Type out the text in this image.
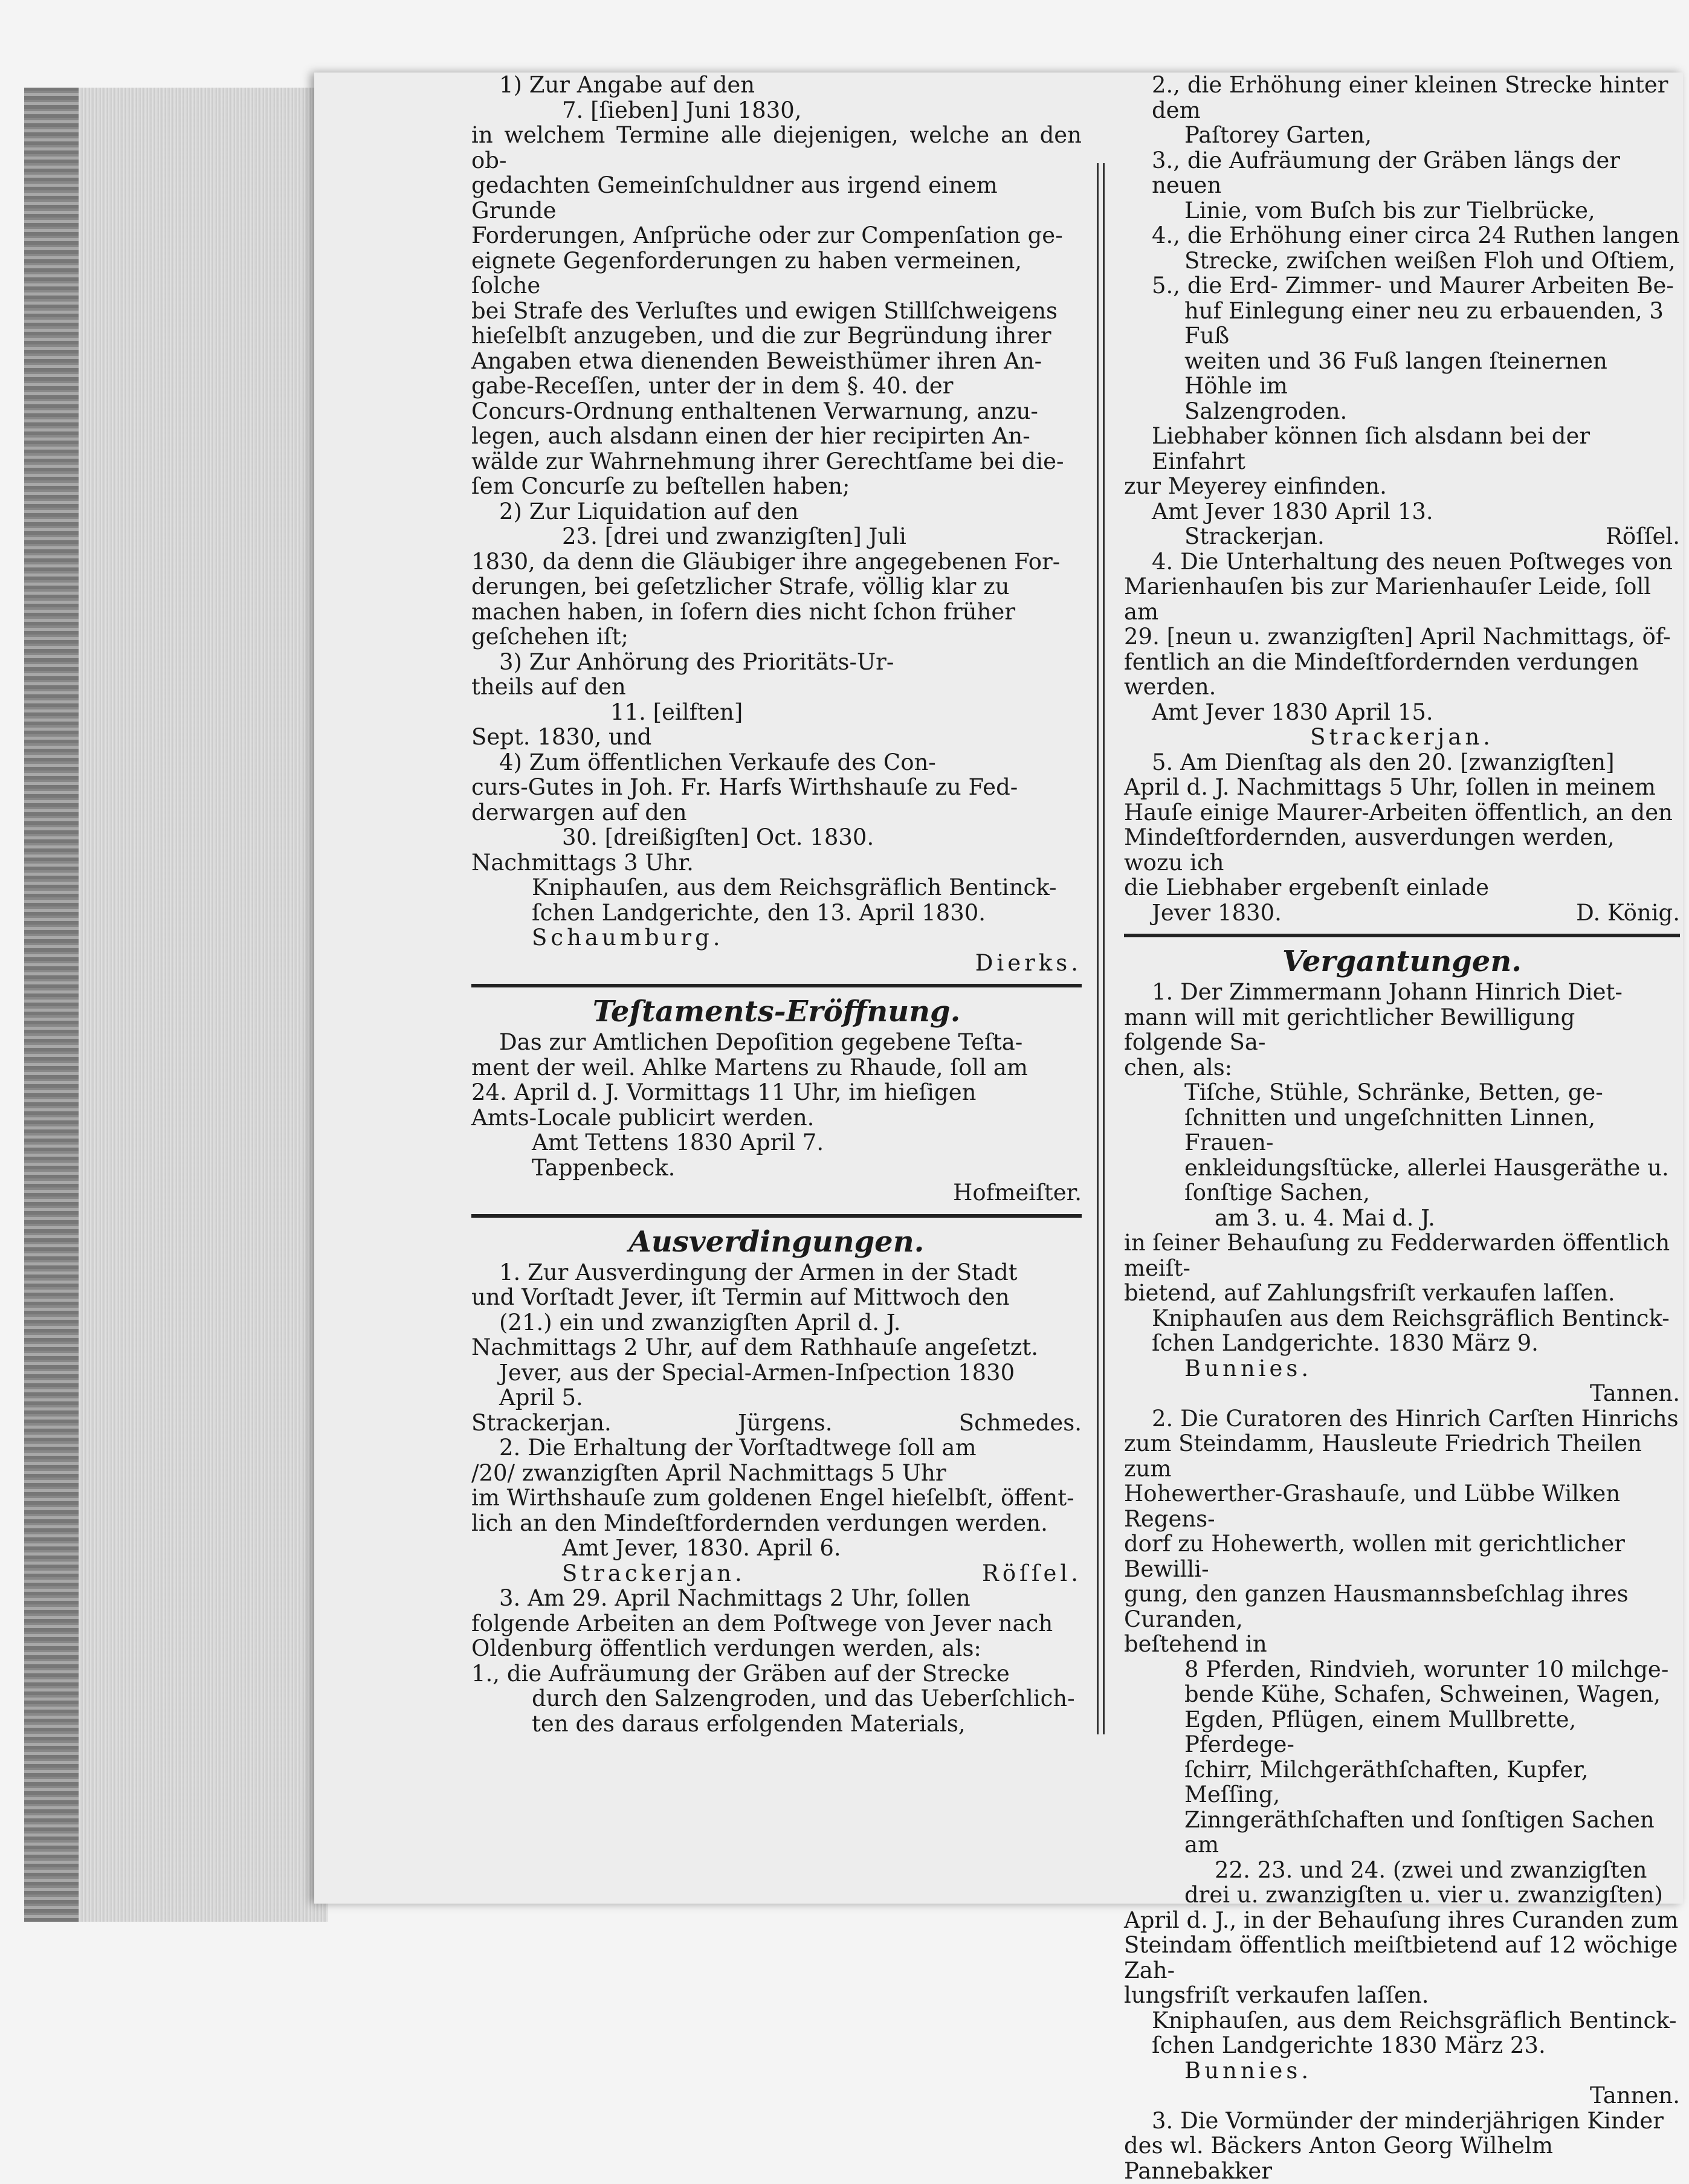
1) Zur Angabe auf den

7. [ſieben] Juni 1830,

in welchem Termine alle diejenigen, welche an den ob-

gedachten Gemeinſchuldner aus irgend einem Grunde

Forderungen, Anſprüche oder zur Compenſation ge-

eignete Gegenforderungen zu haben vermeinen, ſolche

bei Strafe des Verluſtes und ewigen Stillſchweigens

hieſelbſt anzugeben, und die zur Begründung ihrer

Angaben etwa dienenden Beweisthümer ihren An-

gabe-Receſſen, unter der in dem §. 40. der

Concurs-Ordnung enthaltenen Verwarnung, anzu-

legen, auch alsdann einen der hier recipirten An-

wälde zur Wahrnehmung ihrer Gerechtſame bei die-

ſem Concurſe zu beſtellen haben;

2) Zur Liquidation auf den

23. [drei und zwanzigſten] Juli

1830, da denn die Gläubiger ihre angegebenen For-

derungen, bei geſetzlicher Strafe, völlig klar zu

machen haben, in ſofern dies nicht ſchon früher

geſchehen iſt;

3) Zur Anhörung des Prioritäts-Ur-

theils auf den

11. [eilften]

Sept. 1830, und

4) Zum öffentlichen Verkaufe des Con-

curs-Gutes in Joh. Fr. Harfs Wirthshauſe zu Fed-

derwargen auf den

30. [dreißigſten] Oct. 1830.

Nachmittags 3 Uhr.

Kniphauſen, aus dem Reichsgräflich Bentinck-

ſchen Landgerichte, den 13. April 1830.

Schaumburg.

Dierks.

Teſtaments-Eröffnung.

Das zur Amtlichen Depoſition gegebene Teſta-

ment der weil. Ahlke Martens zu Rhaude, ſoll am

24. April d. J. Vormittags 11 Uhr, im hieſigen

Amts-Locale publicirt werden.

Amt Tettens 1830 April 7.

Tappenbeck.

Hofmeiſter.

Ausverdingungen.

1. Zur Ausverdingung der Armen in der Stadt

und Vorſtadt Jever, iſt Termin auf Mittwoch den

(21.) ein und zwanzigſten April d. J.

Nachmittags 2 Uhr, auf dem Rathhauſe angeſetzt.

Jever, aus der Special-Armen-Inſpection 1830

April 5.

Strackerjan.	Jürgens.	Schmedes.

2. Die Erhaltung der Vorſtadtwege ſoll am

/20/ zwanzigſten April Nachmittags 5 Uhr

im Wirthshauſe zum goldenen Engel hieſelbſt, öffent-

lich an den Mindeſtfordernden verdungen werden.

Amt Jever, 1830. April 6.

Strackerjan.	Röſſel.

3. Am 29. April Nachmittags 2 Uhr, ſollen

folgende Arbeiten an dem Poſtwege von Jever nach

Oldenburg öffentlich verdungen werden, als:

1., die Aufräumung der Gräben auf der Strecke

durch den Salzengroden, und das Ueberſchlich-

ten des daraus erfolgenden Materials,

2., die Erhöhung einer kleinen Strecke hinter dem

Paſtorey Garten,

3., die Aufräumung der Gräben längs der neuen

Linie, vom Buſch bis zur Tielbrücke,

4., die Erhöhung einer circa 24 Ruthen langen

Strecke, zwiſchen weißen Floh und Oſtiem,

5., die Erd- Zimmer- und Maurer Arbeiten Be-

huf Einlegung einer neu zu erbauenden, 3 Fuß

weiten und 36 Fuß langen ſteinernen Höhle im

Salzengroden.

Liebhaber können ſich alsdann bei der Einfahrt

zur Meyerey einfinden.

Amt Jever 1830 April 13.

Strackerjan.	Röſſel.

4. Die Unterhaltung des neuen Poſtweges von

Marienhauſen bis zur Marienhauſer Leide, ſoll am

29. [neun u. zwanzigſten] April Nachmittags, öf-

fentlich an die Mindeſtfordernden verdungen werden.

Amt Jever 1830 April 15.

Strackerjan.

5. Am Dienſtag als den 20. [zwanzigſten]

April d. J. Nachmittags 5 Uhr, ſollen in meinem

Hauſe einige Maurer-Arbeiten öffentlich, an den

Mindeſtfordernden, ausverdungen werden, wozu ich

die Liebhaber ergebenſt einlade

Jever 1830.	D. König.

Vergantungen.

1. Der Zimmermann Johann Hinrich Diet-

mann will mit gerichtlicher Bewilligung folgende Sa-

chen, als:

Tiſche, Stühle, Schränke, Betten, ge-

ſchnitten und ungeſchnitten Linnen, Frauen-

enkleidungsſtücke, allerlei Hausgeräthe u.

ſonſtige Sachen,

am 3. u. 4. Mai d. J.

in ſeiner Behauſung zu Fedderwarden öffentlich meiſt-

bietend, auf Zahlungsfriſt verkaufen laſſen.

Kniphauſen aus dem Reichsgräflich Bentinck-

ſchen Landgerichte. 1830 März 9.

Bunnies.

Tannen.

2. Die Curatoren des Hinrich Carſten Hinrichs

zum Steindamm, Hausleute Friedrich Theilen zum

Hohewerther-Grashauſe, und Lübbe Wilken Regens-

dorf zu Hohewerth, wollen mit gerichtlicher Bewilli-

gung, den ganzen Hausmannsbeſchlag ihres Curanden,

beſtehend in

8 Pferden, Rindvieh, worunter 10 milchge-

bende Kühe, Schafen, Schweinen, Wagen,

Egden, Pflügen, einem Mullbrette, Pferdege-

ſchirr, Milchgeräthſchaften, Kupfer, Meſſing,

Zinngeräthſchaften und ſonſtigen Sachen am

22. 23. und 24. (zwei und zwanzigſten

drei u. zwanzigſten u. vier u. zwanzigſten)

April d. J., in der Behauſung ihres Curanden zum

Steindam öffentlich meiſtbietend auf 12 wöchige Zah-

lungsfriſt verkaufen laſſen.

Kniphauſen, aus dem Reichsgräflich Bentinck-

ſchen Landgerichte 1830 März 23.

Bunnies.

Tannen.

3. Die Vormünder der minderjährigen Kinder

des wl. Bäckers Anton Georg Wilhelm Pannebakker
